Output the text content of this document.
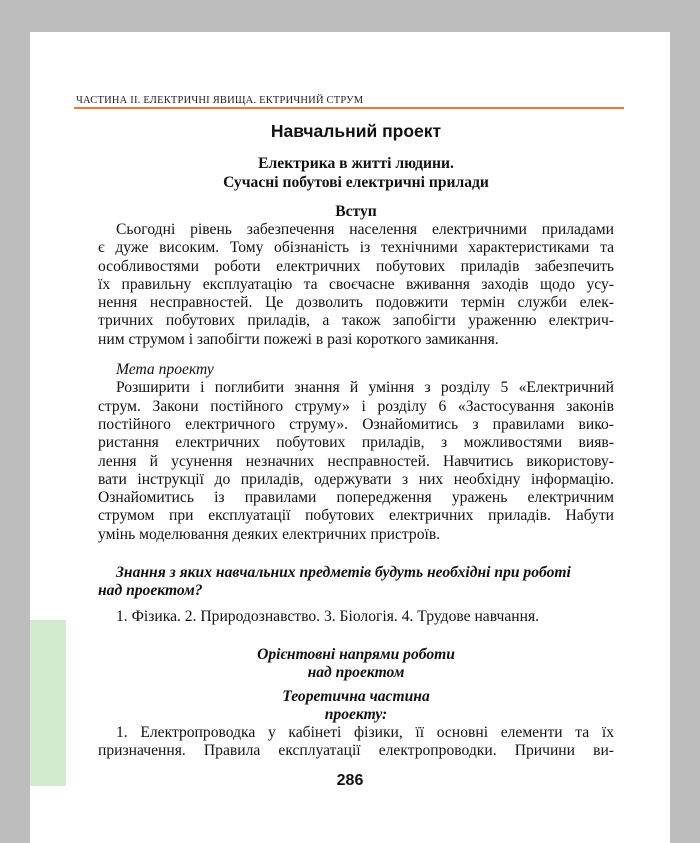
ЧАСТИНА ІІ. ЕЛЕКТРИЧНІ ЯВИЩА. ЕКТРИЧНИЙ СТРУМ
Навчальний проект
Електрика в житті людини.
Сучасні побутові електричні прилади
Вступ

Сьогодні рівень забезпечення населення електричними приладами
є дуже високим. Тому обізнаність із технічними характеристиками та
особливостями роботи електричних побутових приладів забезпечить
їх правильну експлуатацію та своєчасне вживання заходів щодо усу-
нення несправностей. Це дозволить подовжити термін служби елек-
тричних побутових приладів, а також запобігти ураженню електрич-
ним струмом і запобігти пожежі в разі короткого замикання.

Мета проекту

Розширити і поглибити знання й уміння з розділу 5 «Електричний
струм. Закони постійного струму» і розділу 6 «Застосування законів
постійного електричного струму». Ознайомитись з правилами вико-
ристання електричних побутових приладів, з можливостями вияв-
лення й усунення незначних несправностей. Навчитись використову-
вати інструкції до приладів, одержувати з них необхідну інформацію.
Ознайомитись із правилами попередження уражень електричним
струмом при експлуатації побутових електричних приладів. Набути
умінь моделювання деяких електричних пристроїв.

Знання з яких навчальних предметів будуть необхідні при роботі
над проектом?
1. Фізика. 2. Природознавство. 3. Біологія. 4. Трудове навчання.
Орієнтовні напрями роботи
над проектом
Теоретична частина
проекту:

1. Електропроводка у кабінеті фізики, її основні елементи та їх
призначення. Правила експлуатації електропроводки. Причини ви-

286
